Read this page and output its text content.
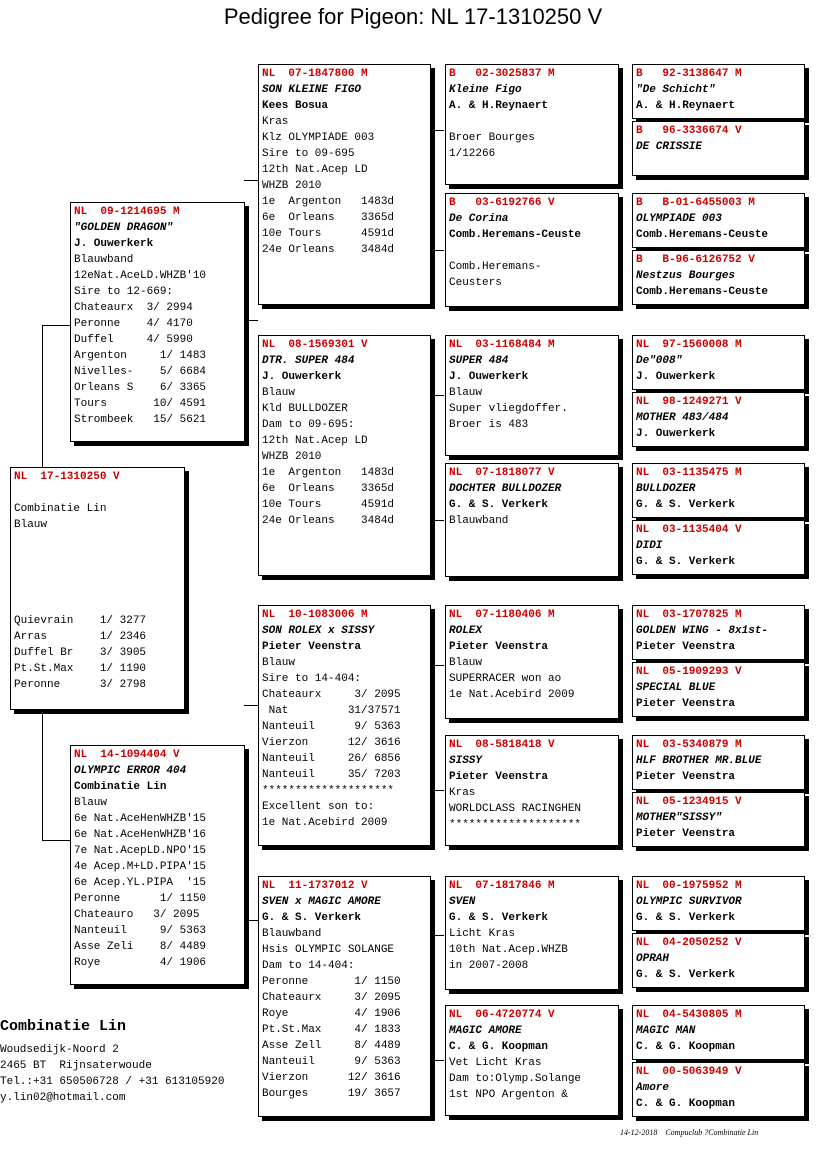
Pedigree for Pigeon: NL 17-1310250 V
NL  17-1310250 V

Combinatie Lin
Blauw

Quievrain    1/ 3277
Arras        1/ 2346
Duffel Br    3/ 3905
Pt.St.Max    1/ 1190
Peronne      3/ 2798
NL  09-1214695 M
"GOLDEN DRAGON"
J. Ouwerkerk
Blauwband
12eNat.AceLD.WHZB'10
Sire to 12-669:
Chateaurx  3/ 2994
Peronne    4/ 4170
Duffel     4/ 5990
Argenton     1/ 1483
Nivelles-    5/ 6684
Orleans S    6/ 3365
Tours       10/ 4591
Strombeek   15/ 5621
NL  14-1094404 V
OLYMPIC ERROR 404
Combinatie Lin
Blauw
6e Nat.AceHenWHZB'15
6e Nat.AceHenWHZB'16
7e Nat.AcepLD.NPO'15
4e Acep.M+LD.PIPA'15
6e Acep.YL.PIPA  '15
Peronne      1/ 1150
Chateauro   3/ 2095
Nanteuil     9/ 5363
Asse Zeli    8/ 4489
Roye         4/ 1906
NL  07-1847800 M
SON KLEINE FIGO
Kees Bosua
Kras
Klz OLYMPIADE 003
Sire to 09-695
12th Nat.Acep LD
WHZB 2010
1e  Argenton   1483d
6e  Orleans    3365d
10e Tours      4591d
24e Orleans    3484d
NL  08-1569301 V
DTR. SUPER 484
J. Ouwerkerk
Blauw
Kld BULLDOZER
Dam to 09-695:
12th Nat.Acep LD
WHZB 2010
1e  Argenton   1483d
6e  Orleans    3365d
10e Tours      4591d
24e Orleans    3484d
NL  10-1083006 M
SON ROLEX x SISSY
Pieter Veenstra
Blauw
Sire to 14-404:
Chateaurx     3/ 2095
Nat         31/37571
Nanteuil      9/ 5363
Vierzon      12/ 3616
Nanteuil     26/ 6856
Nanteuil     35/ 7203
********************
Excellent son to:
1e Nat.Acebird 2009
NL  11-1737012 V
SVEN x MAGIC AMORE
G. & S. Verkerk
Blauwband
Hsis OLYMPIC SOLANGE
Dam to 14-404:
Peronne       1/ 1150
Chateaurx     3/ 2095
Roye          4/ 1906
Pt.St.Max     4/ 1833
Asse Zell     8/ 4489
Nanteuil      9/ 5363
Vierzon      12/ 3616
Bourges      19/ 3657
B   02-3025837 M
Kleine Figo
A. & H.Reynaert

Broer Bourges
1/12266
B   03-6192766 V
De Corina
Comb.Heremans-Ceuste

Comb.Heremans-
Ceusters
NL  03-1168484 M
SUPER 484
J. Ouwerkerk
Blauw
Super vliegdoffer.
Broer is 483
NL  07-1818077 V
DOCHTER BULLDOZER
G. & S. Verkerk
Blauwband
NL  07-1180406 M
ROLEX
Pieter Veenstra
Blauw
SUPERRACER won ao
1e Nat.Acebird 2009
NL  08-5818418 V
SISSY
Pieter Veenstra
Kras
WORLDCLASS RACINGHEN
********************
NL  07-1817846 M
SVEN
G. & S. Verkerk
Licht Kras
10th Nat.Acep.WHZB
in 2007-2008
NL  06-4720774 V
MAGIC AMORE
C. & G. Koopman
Vet Licht Kras
Dam to:Olymp.Solange
1st NPO Argenton &
B   92-3138647 M
"De Schicht"
A. & H.Reynaert
B   96-3336674 V
DE CRISSIE

B   B-01-6455003 M
OLYMPIADE 003
Comb.Heremans-Ceuste
B   B-96-6126752 V
Nestzus Bourges
Comb.Heremans-Ceuste
NL  97-1560008 M
De"008"
J. Ouwerkerk
NL  98-1249271 V
MOTHER 483/484
J. Ouwerkerk
NL  03-1135475 M
BULLDOZER
G. & S. Verkerk
NL  03-1135404 V
DIDI
G. & S. Verkerk
NL  03-1707825 M
GOLDEN WING - 8x1st-
Pieter Veenstra
NL  05-1909293 V
SPECIAL BLUE
Pieter Veenstra
NL  03-5340879 M
HLF BROTHER MR.BLUE
Pieter Veenstra
NL  05-1234915 V
MOTHER"SISSY"
Pieter Veenstra
NL  00-1975952 M
OLYMPIC SURVIVOR
G. & S. Verkerk
NL  04-2050252 V
OPRAH
G. & S. Verkerk
NL  04-5430805 M
MAGIC MAN
C. & G. Koopman
NL  00-5063949 V
Amore
C. & G. Koopman
Combinatie Lin
Woudsedijk-Noord 2
2465 BT  Rijnsaterwoude
Tel.:+31 650506728 / +31 613105920
y.lin02@hotmail.com
14-12-2018    Compuclub ?Combinatie Lin
